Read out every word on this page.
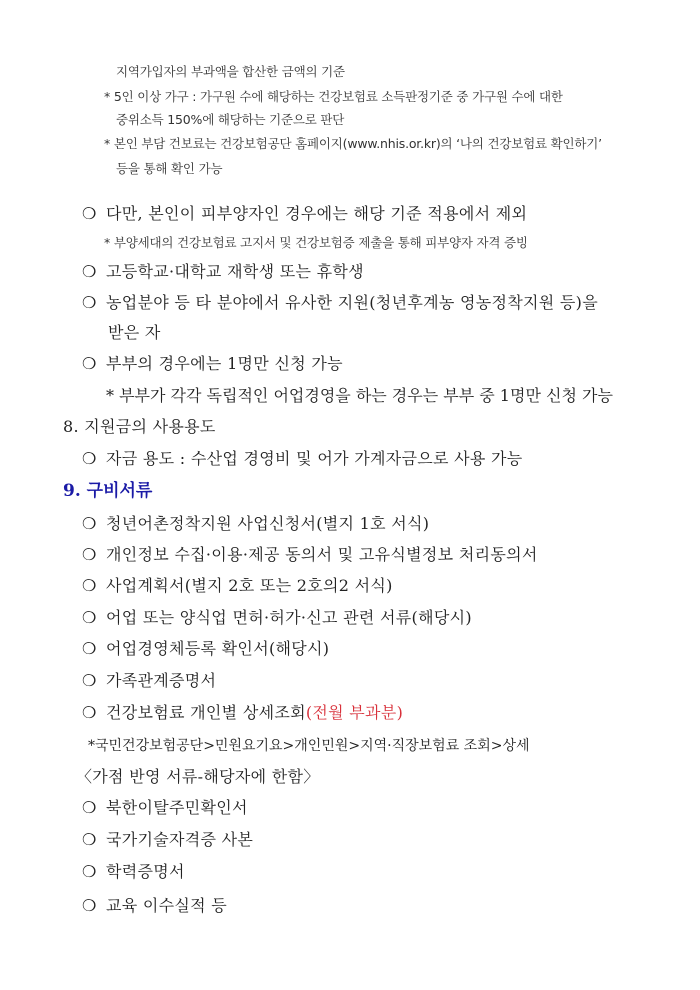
지역가입자의 부과액을 합산한 금액의 기준
* 5인 이상 가구 : 가구원 수에 해당하는 건강보험료 소득판정기준 중 가구원 수에 대한
중위소득 150%에 해당하는 기준으로 판단
* 본인 부담 건보료는 건강보험공단 홈페이지(www.nhis.or.kr)의 ‘나의 건강보험료 확인하기’
등을 통해 확인 가능
❍ 다만, 본인이 피부양자인 경우에는 해당 기준 적용에서 제외
* 부양세대의 건강보험료 고지서 및 건강보험증 제출을 통해 피부양자 자격 증빙
❍ 고등학교·대학교 재학생 또는 휴학생
❍ 농업분야 등 타 분야에서 유사한 지원(청년후계농 영농정착지원 등)을
받은 자
❍ 부부의 경우에는 1명만 신청 가능
* 부부가 각각 독립적인 어업경영을 하는 경우는 부부 중 1명만 신청 가능
8. 지원금의 사용용도
❍ 자금 용도 : 수산업 경영비 및 어가 가계자금으로 사용 가능
9. 구비서류
❍ 청년어촌정착지원 사업신청서(별지 1호 서식)
❍ 개인정보 수집·이용·제공 동의서 및 고유식별정보 처리동의서
❍ 사업계획서(별지 2호 또는 2호의2 서식)
❍ 어업 또는 양식업 면허·허가·신고 관련 서류(해당시)
❍ 어업경영체등록 확인서(해당시)
❍ 가족관계증명서
❍ 건강보험료 개인별 상세조회(전월 부과분)
*국민건강보험공단>민원요기요>개인민원>지역·직장보험료 조회>상세
〈가점 반영 서류-해당자에 한함〉
❍ 북한이탈주민확인서
❍ 국가기술자격증 사본
❍ 학력증명서
❍ 교육 이수실적 등
